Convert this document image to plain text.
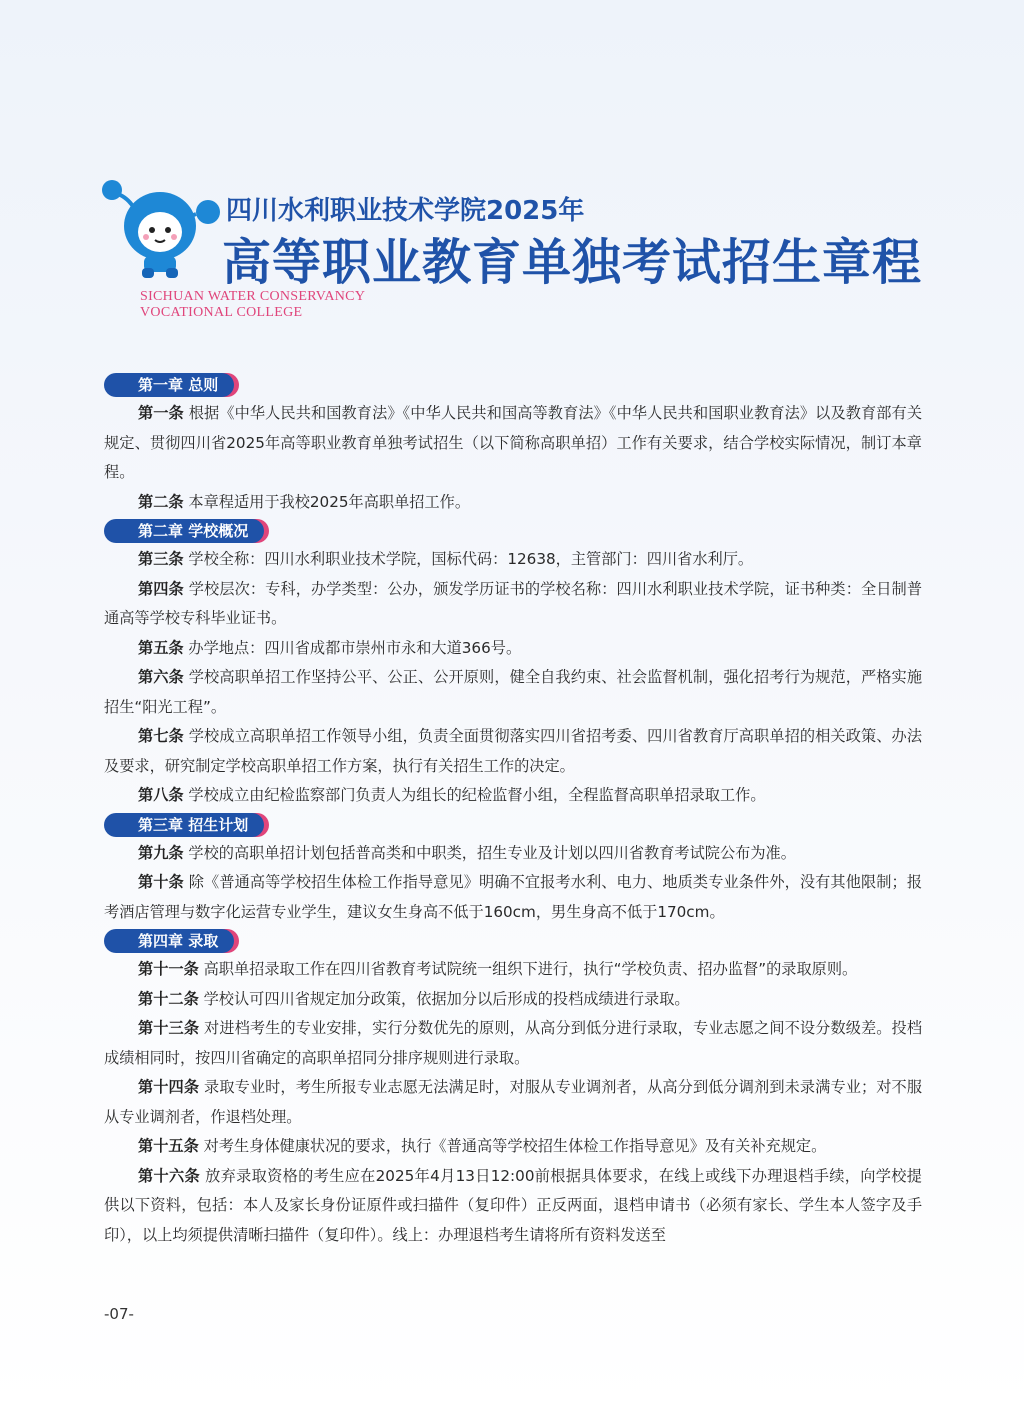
四川水利职业技术学院2025年
高等职业教育单独考试招生章程
SICHUAN WATER CONSERVANCY
VOCATIONAL COLLEGE
第一章 总则

第一条 根据《中华人民共和国教育法》《中华人民共和国高等教育法》《中华人民共和国职业教育法》以及教育部有关规定、贯彻四川省2025年高等职业教育单独考试招生（以下简称高职单招）工作有关要求，结合学校实际情况，制订本章程。

第二条 本章程适用于我校2025年高职单招工作。

第二章 学校概况

第三条 学校全称：四川水利职业技术学院，国标代码：12638，主管部门：四川省水利厅。

第四条 学校层次：专科，办学类型：公办，颁发学历证书的学校名称：四川水利职业技术学院，证书种类：全日制普通高等学校专科毕业证书。

第五条 办学地点：四川省成都市崇州市永和大道366号。

第六条 学校高职单招工作坚持公平、公正、公开原则，健全自我约束、社会监督机制，强化招考行为规范，严格实施招生“阳光工程”。

第七条 学校成立高职单招工作领导小组，负责全面贯彻落实四川省招考委、四川省教育厅高职单招的相关政策、办法及要求，研究制定学校高职单招工作方案，执行有关招生工作的决定。

第八条 学校成立由纪检监察部门负责人为组长的纪检监督小组，全程监督高职单招录取工作。

第三章 招生计划

第九条 学校的高职单招计划包括普高类和中职类，招生专业及计划以四川省教育考试院公布为准。

第十条 除《普通高等学校招生体检工作指导意见》明确不宜报考水利、电力、地质类专业条件外，没有其他限制；报考酒店管理与数字化运营专业学生，建议女生身高不低于160cm，男生身高不低于170cm。

第四章 录取

第十一条 高职单招录取工作在四川省教育考试院统一组织下进行，执行“学校负责、招办监督”的录取原则。

第十二条 学校认可四川省规定加分政策，依据加分以后形成的投档成绩进行录取。

第十三条 对进档考生的专业安排，实行分数优先的原则，从高分到低分进行录取，专业志愿之间不设分数级差。投档成绩相同时，按四川省确定的高职单招同分排序规则进行录取。

第十四条 录取专业时，考生所报专业志愿无法满足时，对服从专业调剂者，从高分到低分调剂到未录满专业；对不服从专业调剂者，作退档处理。

第十五条 对考生身体健康状况的要求，执行《普通高等学校招生体检工作指导意见》及有关补充规定。

第十六条 放弃录取资格的考生应在2025年4月13日12:00前根据具体要求，在线上或线下办理退档手续，向学校提供以下资料，包括：本人及家长身份证原件或扫描件（复印件）正反两面，退档申请书（必须有家长、学生本人签字及手印），以上均须提供清晰扫描件（复印件）。线上：办理退档考生请将所有资料发送至

-07-
